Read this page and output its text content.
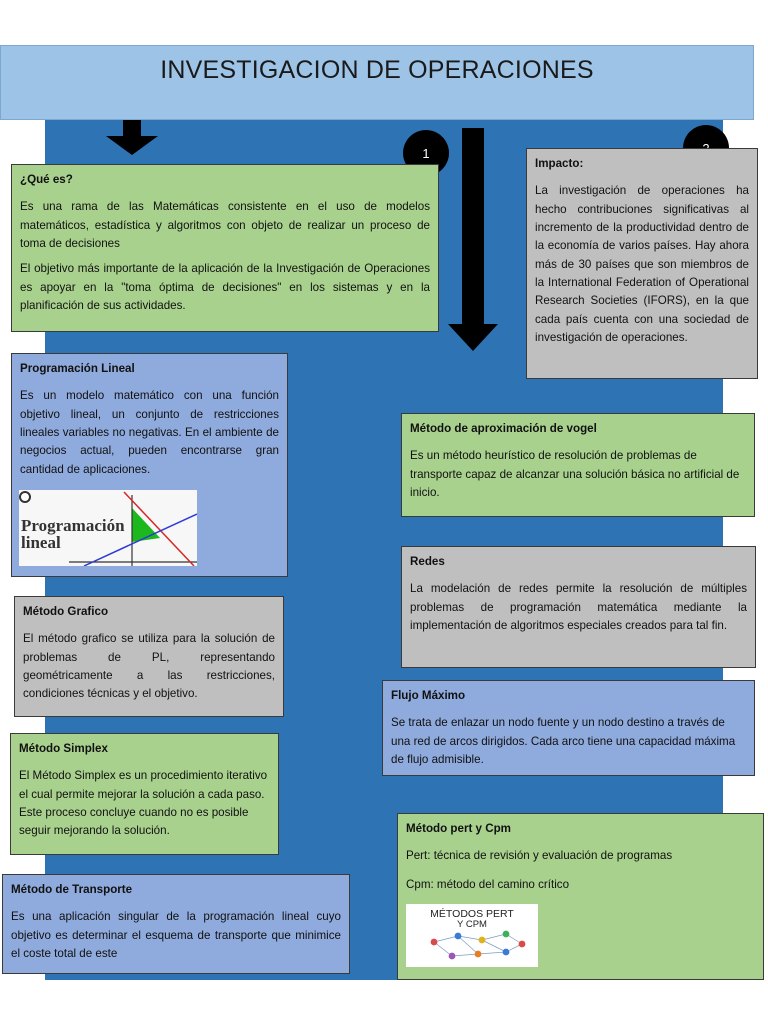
INVESTIGACION DE OPERACIONES
1

¿Qué es?

Es una rama de las Matemáticas consistente en el uso de modelos matemáticos, estadística y algoritmos con objeto de realizar un proceso de toma de decisiones

El objetivo más importante de la aplicación de la Investigación de Operaciones es apoyar en la "toma óptima de decisiones" en los sistemas y en la planificación de sus actividades.

Impacto:

La investigación de operaciones ha hecho contribuciones significativas al incremento de la productividad dentro de la economía de varios países. Hay ahora más de 30 países que son miembros de la International Federation of Operational Research Societies (IFORS), en la que cada país cuenta con una sociedad de investigación de operaciones.

Programación Lineal

Es un modelo matemático con una función objetivo lineal, un conjunto de restricciones lineales variables no negativas. En el ambiente de negocios actual, pueden encontrarse gran cantidad de aplicaciones.

Programación
lineal

Método de aproximación de vogel

Es un método heurístico de resolución de problemas de transporte capaz de alcanzar una solución básica no artificial de inicio.

Método Grafico

El método grafico se utiliza para la solución de problemas de PL, representando geométricamente a las restricciones, condiciones técnicas y el objetivo.

Redes

La modelación de redes permite la resolución de múltiples problemas de programación matemática mediante la implementación de algoritmos especiales creados para tal fin.

Flujo Máximo

Se trata de enlazar un nodo fuente y un nodo destino a través de una red de arcos dirigidos. Cada arco tiene una capacidad máxima de flujo admisible.

Método Simplex

El Método Simplex es un procedimiento iterativo el cual permite mejorar la solución a cada paso. Este proceso concluye cuando no es posible seguir mejorando la solución.	Método pert y Cpm

Pert: técnica de revisión y evaluación de programas

Cpm: método del camino crítico

MÉTODOS PERT
Y CPM

Método de Transporte

Es una aplicación singular de la programación lineal cuyo objetivo es determinar el esquema de transporte que minimice el coste total de este
